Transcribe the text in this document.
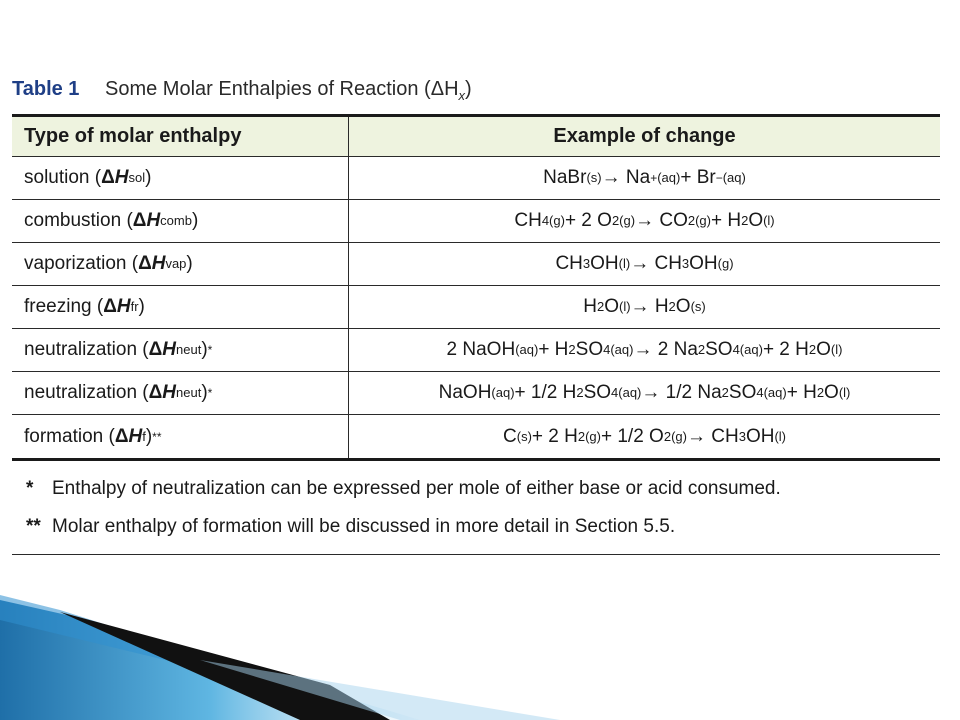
Table 1 Some Molar Enthalpies of Reaction $(\Delta H_x)$
Type of molar enthalpy	Example of change
solution ( Δ H sol )	NaBr (s) → Na + (aq) + Br − (aq)
combustion ( Δ H comb )	CH 4(g) + 2 O 2(g) → CO 2(g) + H 2 O (l)
vaporization ( Δ H vap )	CH 3 OH (l) → CH 3 OH (g)
freezing ( Δ H fr )	H 2 O (l) → H 2 O (s)
neutralization ( Δ H neut ) *	2 NaOH (aq) + H 2 SO 4(aq) → 2 Na 2 SO 4(aq) + 2 H 2 O (l)
neutralization ( Δ H neut ) *	NaOH (aq) + 1/2 H 2 SO 4(aq) → 1/2 Na 2 SO 4(aq) + H 2 O (l)
formation ( Δ H f ) **	C (s) + 2 H 2(g) + 1/2 O 2(g) → CH 3 OH (l)
* Enthalpy of neutralization can be expressed per mole of either base or acid consumed.
** Molar enthalpy of formation will be discussed in more detail in Section 5.5.
